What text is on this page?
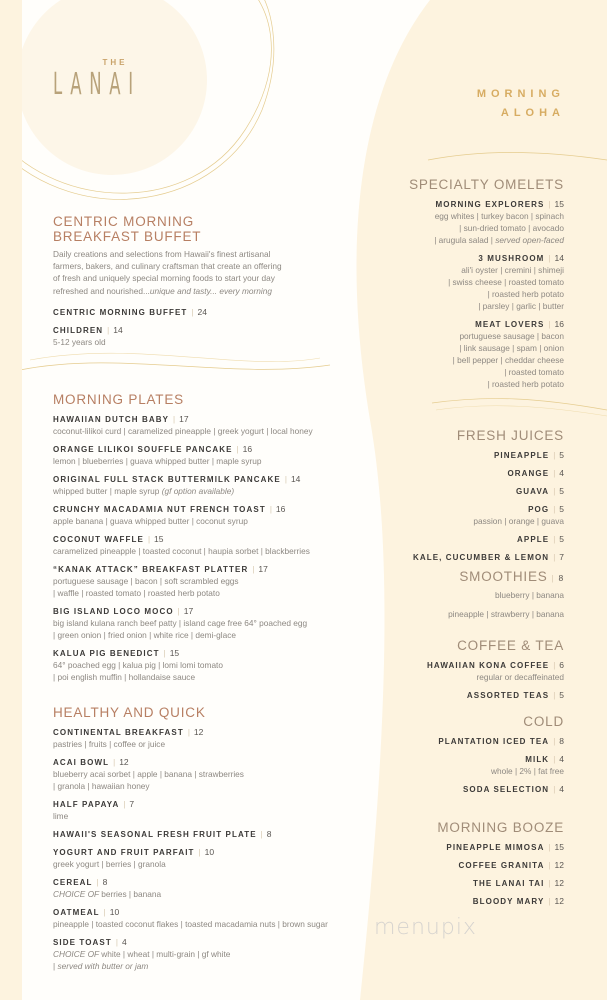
THE
LANAI	MORNING
ALOHA
CENTRIC MORNING
BREAKFAST BUFFET
Daily creations and selections from Hawaii's finest artisanal
farmers, bakers, and culinary craftsman that create an offering
of fresh and uniquely special morning foods to start your day
refreshed and nourished...unique and tasty... every morning
CENTRIC MORNING BUFFET | 24
CHILDREN | 14
5-12 years old
MORNING PLATES
HAWAIIAN DUTCH BABY | 17
coconut-lilikoi curd | caramelized pineapple | greek yogurt | local honey
ORANGE LILIKOI SOUFFLE PANCAKE | 16
lemon | blueberries | guava whipped butter | maple syrup
ORIGINAL FULL STACK BUTTERMILK PANCAKE | 14
whipped butter | maple syrup (gf option available)
CRUNCHY MACADAMIA NUT FRENCH TOAST | 16
apple banana | guava whipped butter | coconut syrup
COCONUT WAFFLE | 15
caramelized pineapple | toasted coconut | haupia sorbet | blackberries
“KANAK ATTACK” BREAKFAST PLATTER | 17
portuguese sausage | bacon | soft scrambled eggs
| waffle | roasted tomato | roasted herb potato
BIG ISLAND LOCO MOCO | 17
big island kulana ranch beef patty | island cage free 64° poached egg
| green onion | fried onion | white rice | demi-glace
KALUA PIG BENEDICT | 15
64° poached egg | kalua pig | lomi lomi tomato
| poi english muffin | hollandaise sauce
HEALTHY AND QUICK
CONTINENTAL BREAKFAST | 12
pastries | fruits | coffee or juice
ACAI BOWL | 12
blueberry acai sorbet | apple | banana | strawberries
| granola | hawaiian honey
HALF PAPAYA | 7
lime
HAWAII'S SEASONAL FRESH FRUIT PLATE | 8
YOGURT AND FRUIT PARFAIT | 10
greek yogurt | berries | granola
CEREAL | 8
CHOICE OF berries | banana
OATMEAL | 10
pineapple | toasted coconut flakes | toasted macadamia nuts | brown sugar
SIDE TOAST | 4
CHOICE OF white | wheat | multi-grain | gf white
| served with butter or jam
SPECIALTY OMELETS
MORNING EXPLORERS | 15
egg whites | turkey bacon | spinach
| sun-dried tomato | avocado
| arugula salad | served open-faced
3 MUSHROOM | 14
ali'i oyster | cremini | shimeji
| swiss cheese | roasted tomato
| roasted herb potato
| parsley | garlic | butter
MEAT LOVERS | 16
portuguese sausage | bacon
| link sausage | spam | onion
| bell pepper | cheddar cheese
| roasted tomato
| roasted herb potato
FRESH JUICES
PINEAPPLE | 5
ORANGE | 4
GUAVA | 5
POG | 5
passion | orange | guava
APPLE | 5
KALE, CUCUMBER & LEMON | 7
SMOOTHIES | 8
blueberry | banana
pineapple | strawberry | banana
COFFEE & TEA
HAWAIIAN KONA COFFEE | 6
regular or decaffeinated
ASSORTED TEAS | 5
COLD
PLANTATION ICED TEA | 8
MILK | 4
whole | 2% | fat free
SODA SELECTION | 4
MORNING BOOZE
PINEAPPLE MIMOSA | 15
COFFEE GRANITA | 12
THE LANAI TAI | 12
BLOODY MARY | 12
menupix
